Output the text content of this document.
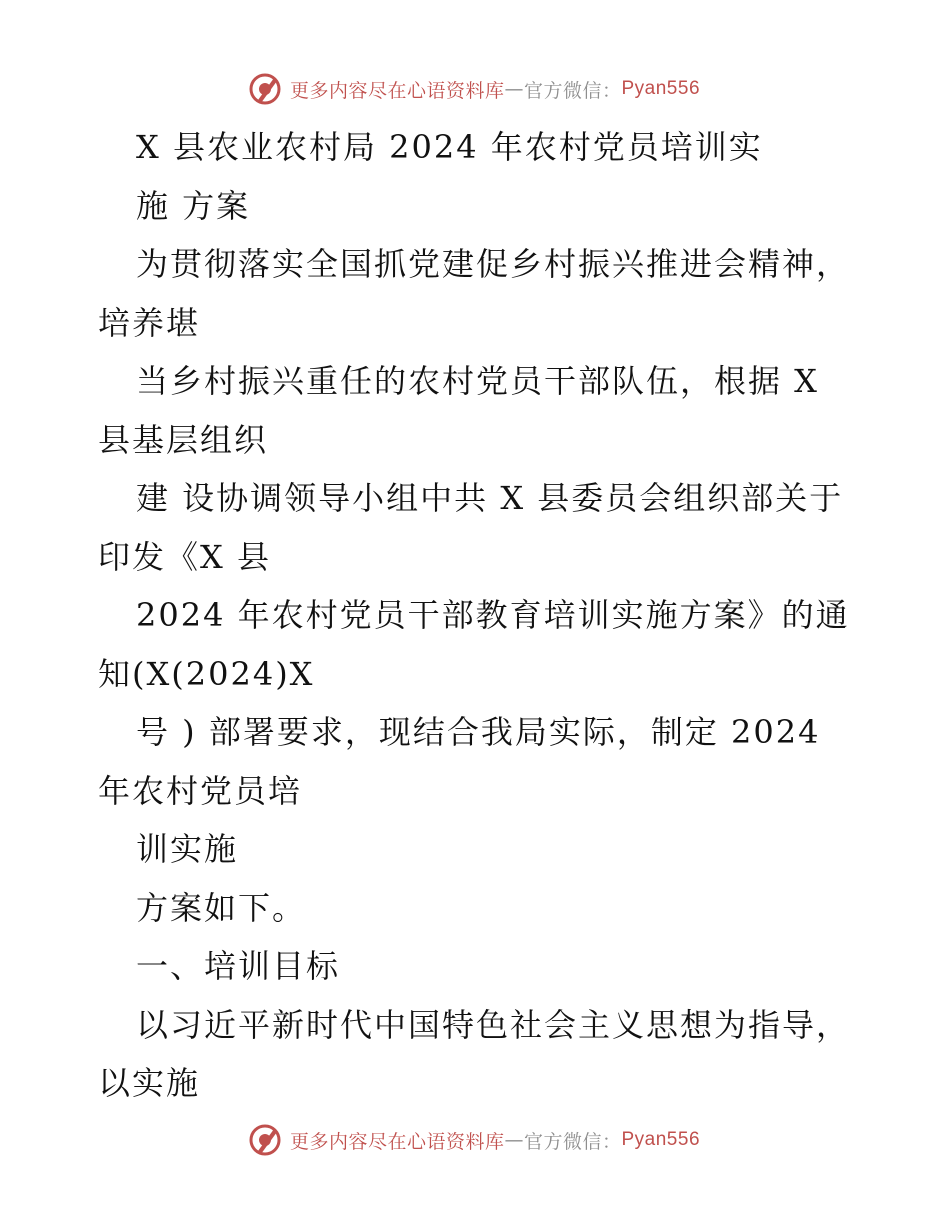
更多内容尽在心语资料库 — 官方微信： Pyan556
X 县农业农村局 2024 年农村党员培训实
施 方案
为贯彻落实全国抓党建促乡村振兴推进会精神，
培养堪
当乡村振兴重任的农村党员干部队伍，根据 X
县基层组织
建 设协调领导小组中共 X 县委员会组织部关于
印发《X 县
2024 年农村党员干部教育培训实施方案》的通
知(X(2024)X
号 ) 部署要求，现结合我局实际，制定 2024
年农村党员培
训实施
方案如下。
一、培训目标
以习近平新时代中国特色社会主义思想为指导，
以实施
更多内容尽在心语资料库 — 官方微信： Pyan556
